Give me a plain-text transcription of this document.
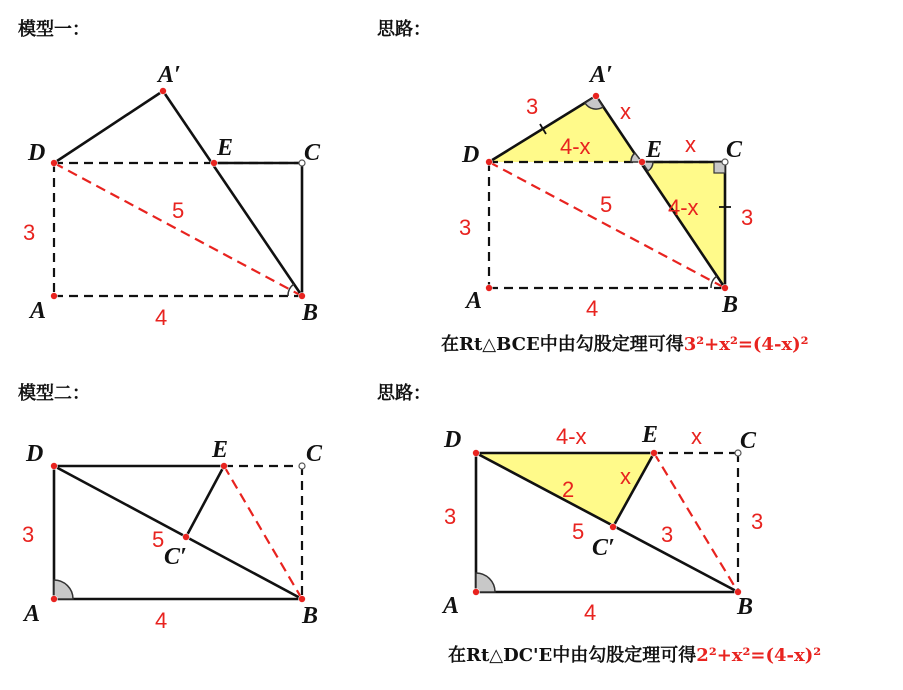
模型一：	思路：
模型二：	思路：
D
A
A′
E	C
B
3
4
5
D
A
A′
E	C
B
3	x
4-x	x
4-x 3
3
4
5
在Rt△BCE中由勾股定理可得3²+x²=(4-x)²
D
A
E	C
B
C′
3
4
5
D
A
E	C
B
C′
4-x	x
x
2
3	3
3
5
4
在Rt△DC'E中由勾股定理可得2²+x²=(4-x)²
